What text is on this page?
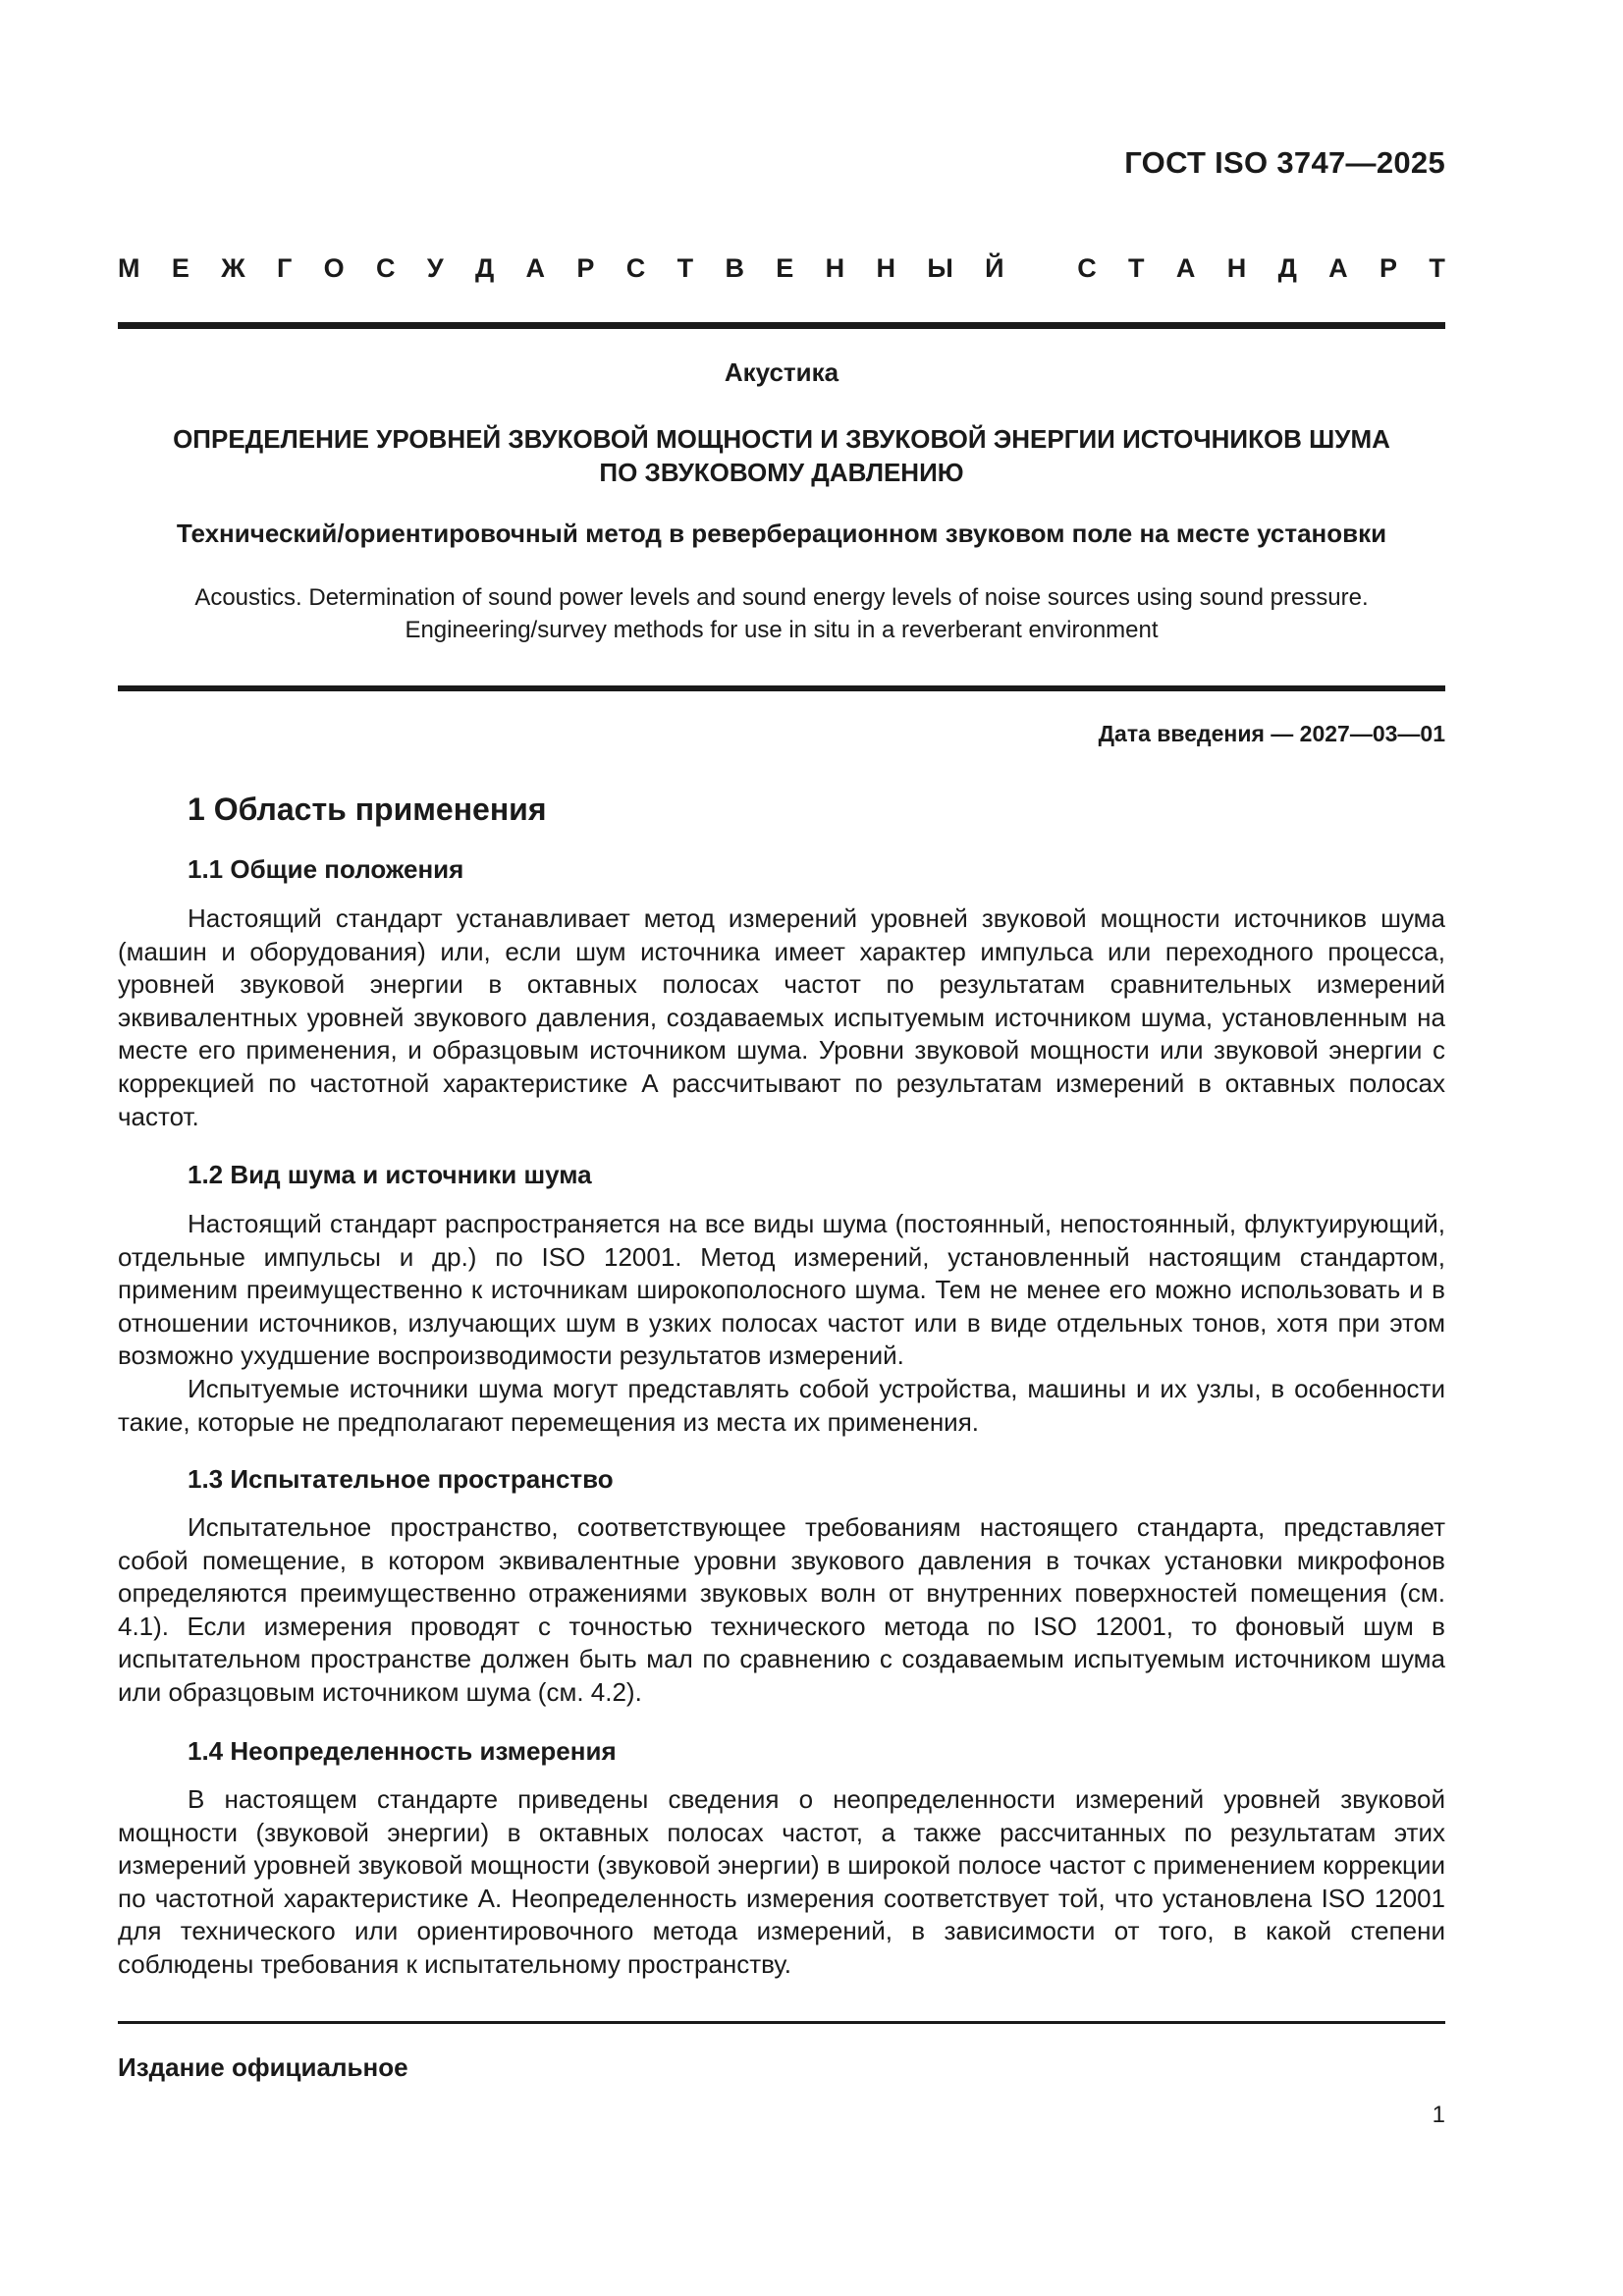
ГОСТ ISO 3747—2025
М Е Ж Г О С У Д А Р С Т В Е Н Н Ы Й	С Т А Н Д А Р Т
Акустика
ОПРЕДЕЛЕНИЕ УРОВНЕЙ ЗВУКОВОЙ МОЩНОСТИ И ЗВУКОВОЙ ЭНЕРГИИ ИСТОЧНИКОВ ШУМА
ПО ЗВУКОВОМУ ДАВЛЕНИЮ
Технический/ориентировочный метод в реверберационном звуковом поле на месте установки
Acoustics. Determination of sound power levels and sound energy levels of noise sources using sound pressure.
Engineering/survey methods for use in situ in a reverberant environment
Дата введения — 2027—03—01
1 Область применения
1.1 Общие положения

Настоящий стандарт устанавливает метод измерений уровней звуковой мощности источников шума (машин и оборудования) или, если шум источника имеет характер импульса или переходного процесса, уровней звуковой энергии в октавных полосах частот по результатам сравнительных измерений эквивалентных уровней звукового давления, создаваемых испытуемым источником шума, установленным на месте его применения, и образцовым источником шума. Уровни звуковой мощности или звуковой энергии с коррекцией по частотной характеристике А рассчитывают по результатам измерений в октавных полосах частот.

1.2 Вид шума и источники шума

Настоящий стандарт распространяется на все виды шума (постоянный, непостоянный, флуктуирующий, отдельные импульсы и др.) по ISO 12001. Метод измерений, установленный настоящим стандартом, применим преимущественно к источникам широкополосного шума. Тем не менее его можно использовать и в отношении источников, излучающих шум в узких полосах частот или в виде отдельных тонов, хотя при этом возможно ухудшение воспроизводимости результатов измерений.

Испытуемые источники шума могут представлять собой устройства, машины и их узлы, в особенности такие, которые не предполагают перемещения из места их применения.

1.3 Испытательное пространство

Испытательное пространство, соответствующее требованиям настоящего стандарта, представляет собой помещение, в котором эквивалентные уровни звукового давления в точках установки микрофонов определяются преимущественно отражениями звуковых волн от внутренних поверхностей помещения (см. 4.1). Если измерения проводят с точностью технического метода по ISO 12001, то фоновый шум в испытательном пространстве должен быть мал по сравнению с создаваемым испытуемым источником шума или образцовым источником шума (см. 4.2).

1.4 Неопределенность измерения

В настоящем стандарте приведены сведения о неопределенности измерений уровней звуковой мощности (звуковой энергии) в октавных полосах частот, а также рассчитанных по результатам этих измерений уровней звуковой мощности (звуковой энергии) в широкой полосе частот с применением коррекции по частотной характеристике А. Неопределенность измерения соответствует той, что установлена ISO 12001 для технического или ориентировочного метода измерений, в зависимости от того, в какой степени соблюдены требования к испытательному пространству.

Издание официальное
1
